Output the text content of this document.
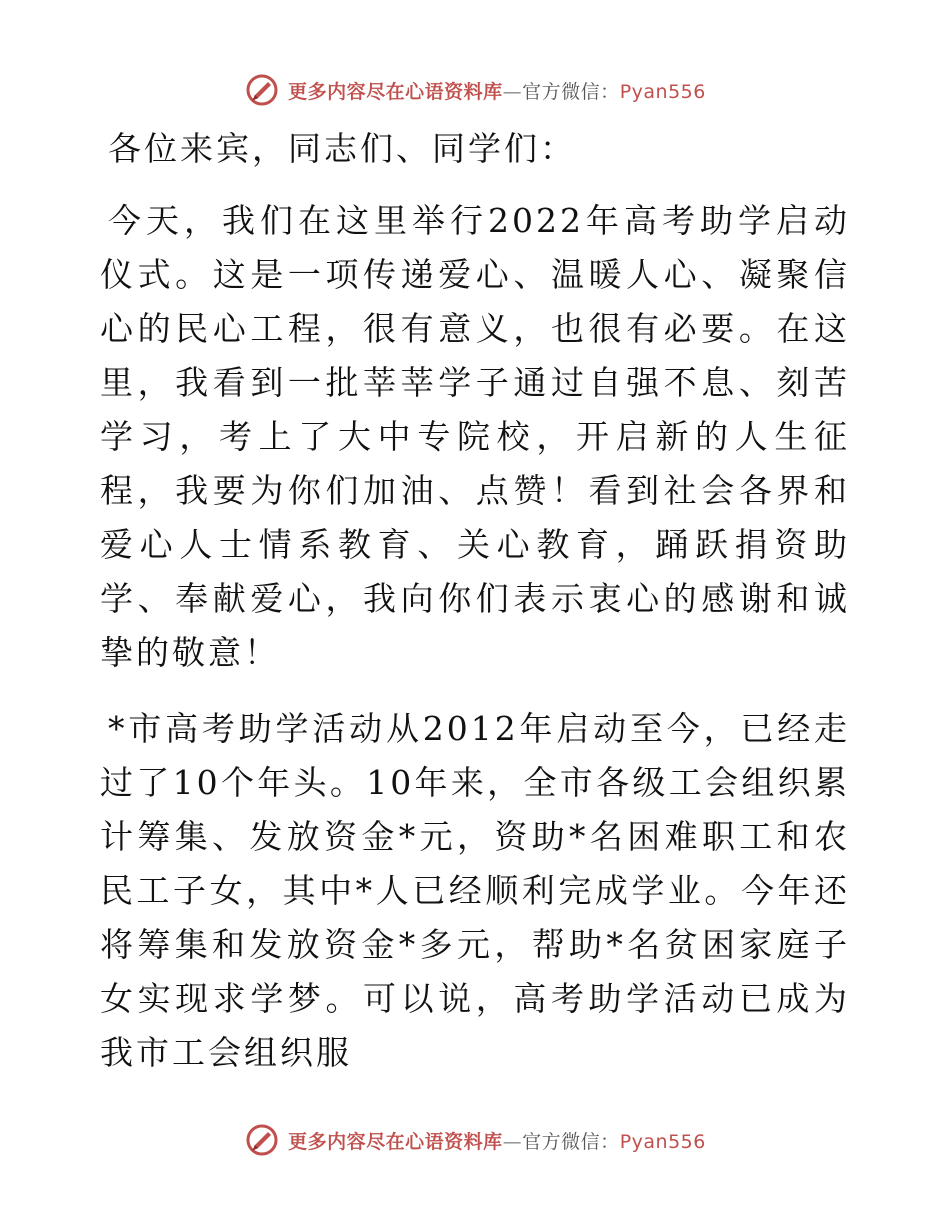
更多内容尽在心语资料库—官方微信：Pyan556

各位来宾，同志们、同学们：

今天，我们在这里举行2022年高考助学启动仪式。这是一项传递爱心、温暖人心、凝聚信心的民心工程，很有意义，也很有必要。在这里，我看到一批莘莘学子通过自强不息、刻苦学习，考上了大中专院校，开启新的人生征程，我要为你们加油、点赞！看到社会各界和爱心人士情系教育、关心教育，踊跃捐资助学、奉献爱心，我向你们表示衷心的感谢和诚挚的敬意！

*市高考助学活动从2012年启动至今，已经走过了10个年头。10年来，全市各级工会组织累计筹集、发放资金*元，资助*名困难职工和农民工子女，其中*人已经顺利完成学业。今年还将筹集和发放资金*多元，帮助*名贫困家庭子女实现求学梦。可以说，高考助学活动已成为我市工会组织服

更多内容尽在心语资料库—官方微信：Pyan556
